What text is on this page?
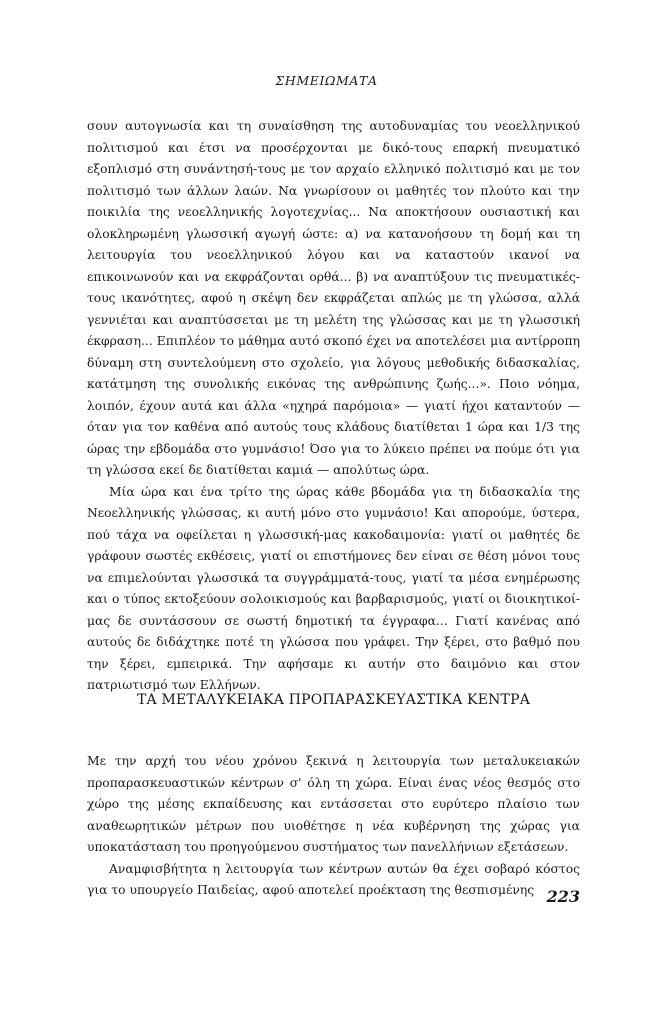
ΣΗΜΕΙΩΜΑΤΑ

σουν αυτογνωσία και τη συναίσθηση της αυτοδυναμίας του νεοελληνικού πολιτισμού και έτσι να προσέρχονται με δικό-τους επαρκή πνευματικό εξοπλισμό στη συνάντησή-τους με τον αρχαίο ελληνικό πολιτισμό και με τον πολιτισμό των άλλων λαών. Να γνωρίσουν οι μαθητές τον πλούτο και την ποικιλία της νεοελληνικής λογοτεχνίας... Να αποκτήσουν ουσιαστική και ολοκληρωμένη γλωσσική αγωγή ώστε: α) να κατανοήσουν τη δομή και τη λειτουργία του νεοελληνικού λόγου και να καταστούν ικανοί να επικοινωνούν και να εκφράζονται ορθά... β) να αναπτύξουν τις πνευματικές-τους ικανότητες, αφού η σκέψη δεν εκφράζεται απλώς με τη γλώσσα, αλλά γεννιέται και αναπτύσσεται με τη μελέτη της γλώσσας και με τη γλωσσική έκφραση... Επιπλέον το μάθημα αυτό σκοπό έχει να αποτελέσει μια αντίρροπη δύναμη στη συντελούμενη στο σχολείο, για λόγους μεθοδικής διδασκαλίας, κατάτμηση της συνολικής εικόνας της ανθρώπινης ζωής...». Ποιο νόημα, λοιπόν, έχουν αυτά και άλλα «ηχηρά παρόμοια» — γιατί ήχοι καταντούν — όταν για τον καθένα από αυτούς τους κλάδους διατίθεται 1 ώρα και 1/3 της ώρας την εβδομάδα στο γυμνάσιο! Όσο για το λύκειο πρέπει να πούμε ότι για τη γλώσσα εκεί δε διατίθεται καμιά — απολύτως ώρα.

Μία ώρα και ένα τρίτο της ώρας κάθε βδομάδα για τη διδασκαλία της Νεοελληνικής γλώσσας, κι αυτή μόνο στο γυμνάσιο! Και απορούμε, ύστερα, πού τάχα να οφείλεται η γλωσσική-μας κακοδαιμονία: γιατί οι μαθητές δε γράφουν σωστές εκθέσεις, γιατί οι επιστήμονες δεν είναι σε θέση μόνοι τους να επιμελούνται γλωσσικά τα συγγράμματά-τους, γιατί τα μέσα ενημέρωσης και ο τύπος εκτοξεύουν σολοικισμούς και βαρβαρισμούς, γιατί οι διοικητικοί-μας δε συντάσσουν σε σωστή δημοτική τα έγγραφα... Γιατί κανένας από αυτούς δε διδάχτηκε ποτέ τη γλώσσα που γράφει. Την ξέρει, στο βαθμό που την ξέρει, εμπειρικά. Την αφήσαμε κι αυτήν στο δαιμόνιο και στον πατριωτισμό των Ελλήνων.

ΤΑ ΜΕΤΑΛΥΚΕΙΑΚΑ ΠΡΟΠΑΡΑΣΚΕΥΑΣΤΙΚΑ ΚΕΝΤΡΑ

Με την αρχή του νέου χρόνου ξεκινά η λειτουργία των μεταλυκειακών προπαρασκευαστικών κέντρων σ' όλη τη χώρα. Είναι ένας νέος θεσμός στο χώρο της μέσης εκπαίδευσης και εντάσσεται στο ευρύτερο πλαίσιο των αναθεωρητικών μέτρων που υιοθέτησε η νέα κυβέρνηση της χώρας για υποκατάσταση του προηγούμενου συστήματος των πανελλήνιων εξετάσεων.

Αναμφισβήτητα η λειτουργία των κέντρων αυτών θα έχει σοβαρό κόστος για το υπουργείο Παιδείας, αφού αποτελεί προέκταση της θεσπισμένης 223
